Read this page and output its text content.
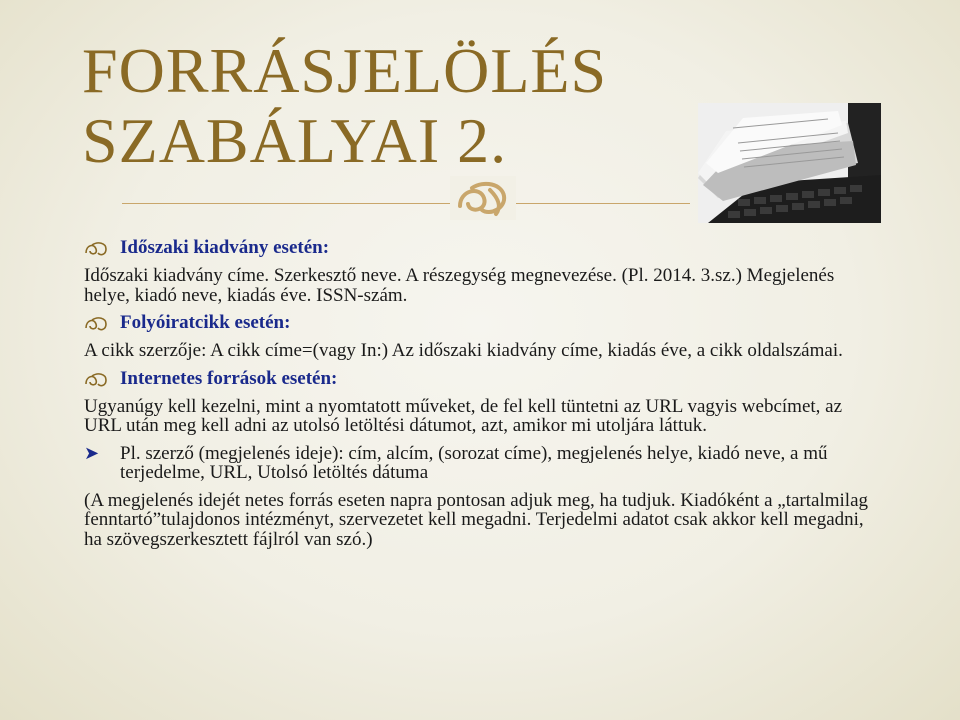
FORRÁSJELÖLÉS
SZABÁLYAI 2.
Időszaki kiadvány esetén:

Időszaki kiadvány címe. Szerkesztő neve. A részegység megnevezése. (Pl. 2014. 3.sz.) Megjelenés helye, kiadó neve, kiadás éve. ISSN-szám.

Folyóiratcikk esetén:

A cikk szerzője: A cikk címe=(vagy In:) Az időszaki kiadvány címe, kiadás éve, a cikk oldalszámai.

Internetes források esetén:

Ugyanúgy kell kezelni, mint a nyomtatott műveket, de fel kell tüntetni az URL vagyis webcímet, az URL után meg kell adni az utolsó letöltési dátumot, azt, amikor mi utoljára láttuk.

➤ Pl. szerző (megjelenés ideje): cím, alcím, (sorozat címe), megjelenés helye, kiadó neve, a mű terjedelme, URL, Utolsó letöltés dátuma

(A megjelenés idejét netes forrás eseten napra pontosan adjuk meg, ha tudjuk. Kiadóként a „tartalmilag fenntartó”tulajdonos intézményt, szervezetet kell megadni. Terjedelmi adatot csak akkor kell megadni, ha szövegszerkesztett fájlról van szó.)
